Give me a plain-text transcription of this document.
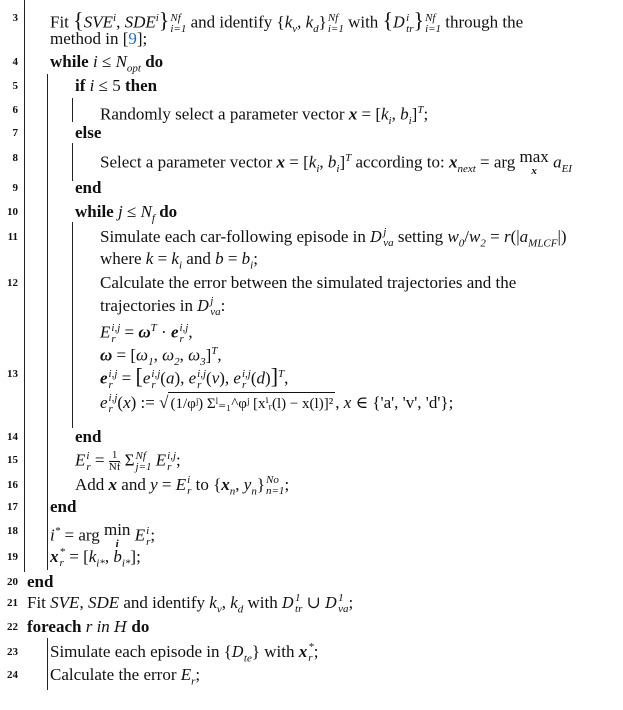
3 Fit {SVE$^i$, SDE$^i$} Nf
i=1 and identify {$k_v$, $k_d$} Nf
i=1 with {D i
tr } Nf
i=1 through the
method in [9];
4 while $i \le N_{opt}$ do
5	if i ≤ 5 then
6	Randomly select a parameter vector $x = [k_i$, $b_i]^T$;
7	else
8	Select a parameter vector $x = [k_i$, $b_i]^T$ according to: $x_{next}$ = arg max
x $a_{EI}$
9	end
10	while $j \le N_f$ do
11	Simulate each car-following episode in D j
va setting $w_0/w_2 = r(|a_{MLCF}|)$
where $k = k_i$ and $b = b_i$;
12	Calculate the error between the simulated trajectories and the
trajectories in D j
va :
E i,j
$r = \omega^T \cdot e$ i,j
r ,
$\omega = [\omega_1$, $\omega_2$, $\omega_3]^T$,
13	e i,j
r = [e i,j
r (a), e i,j
r (v), e i,j
r (d)]$^T$,
e i,j
r (x) := √ (1/φʲ) Σˡ₌₁^φʲ [xⁱᵣ(l) − x(l)]² , x ∈ {'a', 'v', 'd'};
14	end
15	E i
$r = \frac{1}{Nf}$ Σ Nf
j=1 E i,j
r ;
16	Add x and y = E i
r to {$x_n$, $y_n$} No
n=1 ;
17 end
18 i* = arg min
i E i
r ;
19 x *
$r = [k_{i*}$, $b_{i*}$];
20 end
21 Fit SVE, SDE and identify $k_v$, $k_d$ with D 1
tr ∪ D 1
va ;
22 foreach r in H do
23 Simulate each episode in $\{D_{te}\}$ with x *
r ;
24 Calculate the error $E_r$;
